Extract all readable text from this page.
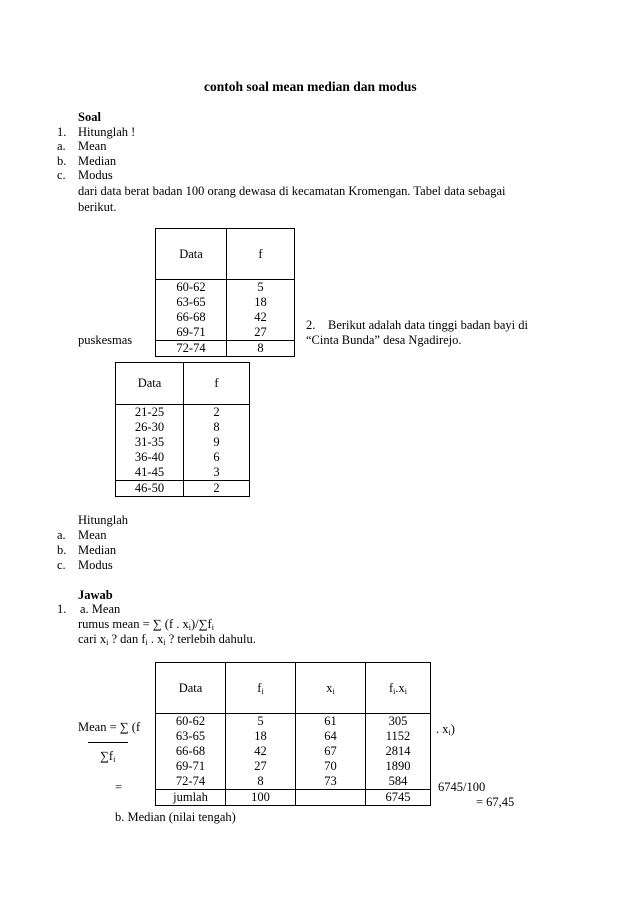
contoh soal mean median dan modus
Soal
1. Hitunglah !
a. Mean
b. Median
c. Modus
dari data berat badan 100 orang dewasa di kecamatan Kromengan. Tabel data sebagai
berikut.
Data	f
60-62	5
63-65	18
66-68	42
69-71	27
72-74	8
puskesmas
2. Berikut adalah data tinggi badan bayi di
“Cinta Bunda” desa Ngadirejo.
Data	f
21-25	2
26-30	8
31-35	9
36-40	6
41-45	3
46-50	2
Hitunglah
a. Mean
b. Median
c. Modus
Jawab
1. a. Mean
rumus mean = ∑ (f . $x_i)/\sum f_i$
cari $x_i$ ? dan $f_i$ . $x_i$ ? terlebih dahulu.
Data	$f_i$	$x_i$	$f_i.x_i$
60-62	5	61	305
63-65	18	64	1152
66-68	42	67	2814
69-71	27	70	1890
72-74	8	73	584
jumlah	100		6745
Mean = ∑ (f
$\sum f_i$
. $x_i$)
=	6745/100
= 67,45
b. Median (nilai tengah)
